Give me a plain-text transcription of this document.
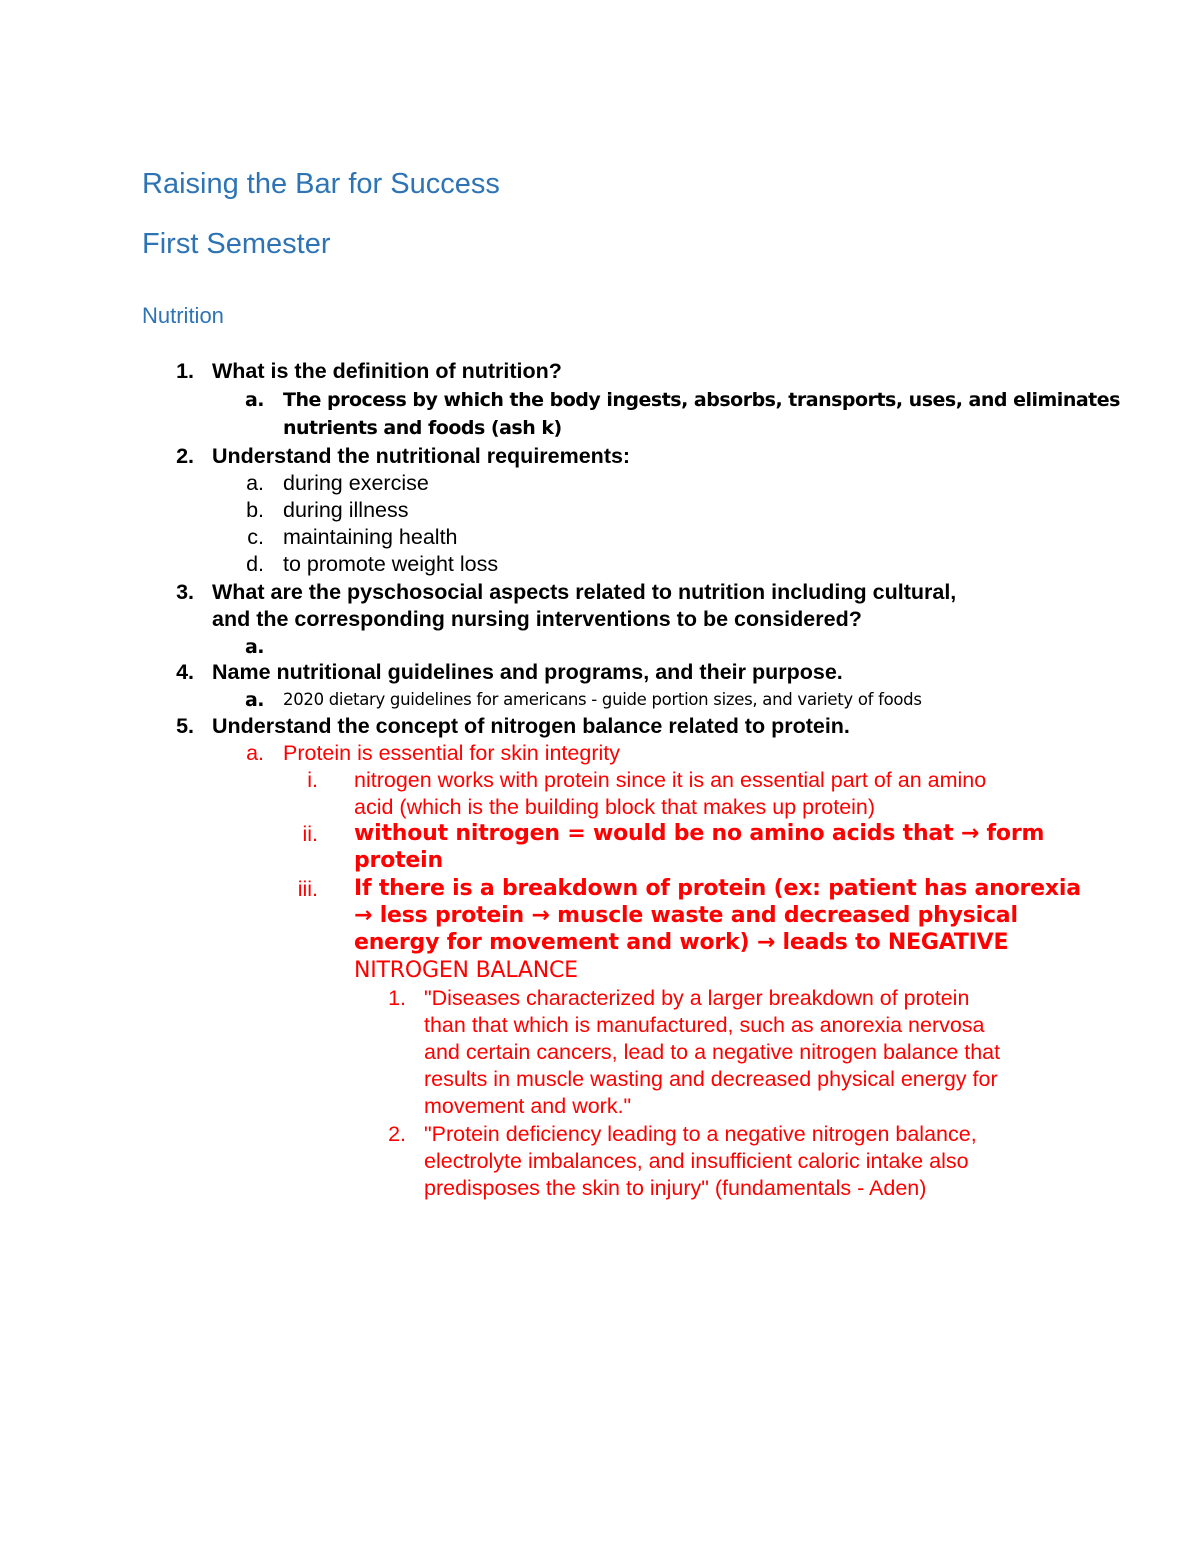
Raising the Bar for Success
First Semester
Nutrition
1. What is the definition of nutrition?
a. The process by which the body ingests, absorbs, transports, uses, and eliminates
nutrients and foods (ash k)
2. Understand the nutritional requirements:
a. during exercise
b. during illness
c. maintaining health
d. to promote weight loss
3. What are the pyschosocial aspects related to nutrition including cultural,
and the corresponding nursing interventions to be considered?
a.
4. Name nutritional guidelines and programs, and their purpose.
a. 2020 dietary guidelines for americans - guide portion sizes, and variety of foods
5. Understand the concept of nitrogen balance related to protein.
a. Protein is essential for skin integrity
i. nitrogen works with protein since it is an essential part of an amino
acid (which is the building block that makes up protein)
ii. without nitrogen = would be no amino acids that → form
protein
iii. If there is a breakdown of protein (ex: patient has anorexia
→ less protein → muscle waste and decreased physical
energy for movement and work) → leads to NEGATIVE
NITROGEN BALANCE
1. "Diseases characterized by a larger breakdown of protein
than that which is manufactured, such as anorexia nervosa
and certain cancers, lead to a negative nitrogen balance that
results in muscle wasting and decreased physical energy for
movement and work."
2. "Protein deficiency leading to a negative nitrogen balance,
electrolyte imbalances, and insufficient caloric intake also
predisposes the skin to injury" (fundamentals - Aden)
